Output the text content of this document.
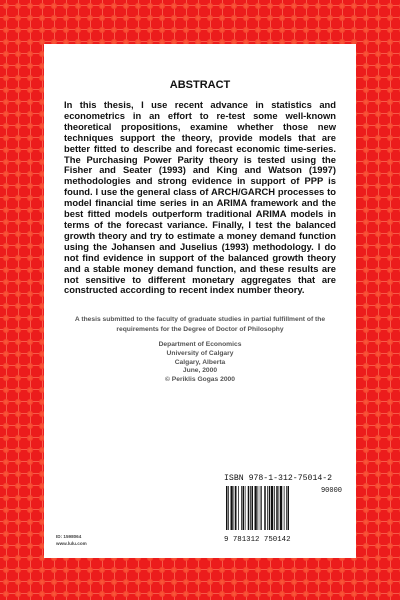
ABSTRACT

In this thesis, I use recent advance in statistics and econometrics in an effort to re-test some well-known theoretical propositions, examine whether those new techniques support the theory, provide models that are better fitted to describe and forecast economic time-series. The Purchasing Power Parity theory is tested using the Fisher and Seater (1993) and King and Watson (1997) methodologies and strong evidence in support of PPP is found. I use the general class of ARCH/GARCH processes to model financial time series in an ARIMA framework and the best fitted models outperform traditional ARIMA models in terms of the forecast variance. Finally, I test the balanced growth theory and try to estimate a money demand function using the Johansen and Juselius (1993) methodology. I do not find evidence in support of the balanced growth theory and a stable money demand function, and these results are not sensitive to different monetary aggregates that are constructed according to recent index number theory.

A thesis submitted to the faculty of graduate studies in partial fulfillment of the requirements for the Degree of Doctor of Philosophy

Department of Economics
University of Calgary
Calgary, Alberta
June, 2000
© Periklis Gogas 2000
ID: 1598064
www.lulu.com
ISBN 978-1-312-75014-2
90000
9 781312 750142
